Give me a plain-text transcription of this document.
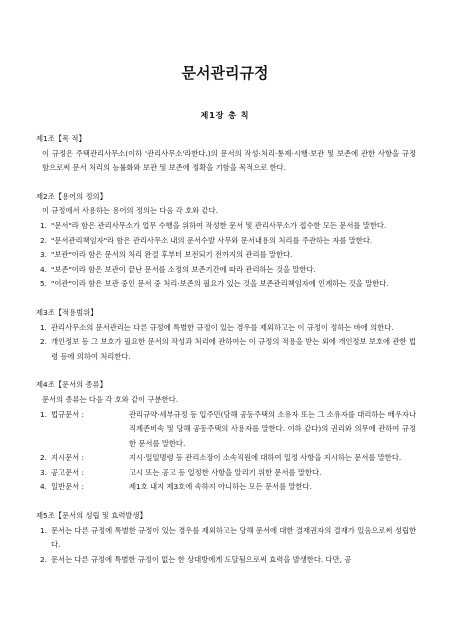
문서관리규정
제1장 총 칙
제1조【목 적】
이 규정은 주택관리사무소(이하 '관리사무소'라한다.)의 문서의 작성·처리·통제·시행·보관 및 보존에 관한 사항을 규정함으로써 문서 처리의 능률화와 보관 및 보존에 정확을 기함을 목적으로 한다.
제2조【용어의 정의】
이 규정에서 사용하는 용어의 정의는 다음 각 호와 같다.
1. "문서"라 함은 관리사무소가 업무 수행을 위하여 작성한 문서 및 관리사무소가 접수한 모든 문서를 말한다.
2. "문서관리책임자"라 함은 관리사무소 내의 문서수발 사무와 문서내용의 처리를 주관하는 자를 말한다.
3. "보관"이라 함은 문서의 처리 완결 후부터 보전되기 전까지의 관리를 말한다.
4. "보존"이라 함은 보관이 끝난 문서를 소정의 보존기간에 따라 관리하는 것을 말한다.
5. "이관"이라 함은 보관 중인 문서 중 처리·보존의 필요가 있는 것을 보존관리책임자에 인계하는 것을 말한다.
제3조【적용범위】
1. 관리사무소의 문서관리는 다른 규정에 특별한 규정이 있는 경우를 제외하고는 이 규정이 정하는 바에 의한다.
2. 개인정보 등 그 보호가 필요한 문서의 작성과 처리에 관하여는 이 규정의 적용을 받는 외에 개인정보 보호에 관한 법령 등에 의하여 처리한다.
제4조【문서의 종류】
문서의 종류는 다음 각 호와 같이 구분한다.
1. 법규문서 :	관리규약·세부규정 등 입주민(당해 공동주택의 소유자 또는 그 소유자를 대리하는 배우자나 직계존비속 및 당해 공동주택의 사용자를 말한다. 이하 같다)의 권리와 의무에 관하여 규정한 문서를 말한다.
2. 지시문서 :	지시·일일명령 등 관리소장이 소속직원에 대하여 일정 사항을 지시하는 문서를 말한다.
3. 공고문서 :	고시 또는 공고 등 일정한 사항을 알리기 위한 문서를 말한다.
4. 일반문서 :	제1호 내지 제3호에 속하지 아니하는 모든 문서를 말한다.
제5조【문서의 성립 및 효력발생】
1. 문서는 다른 규정에 특별한 규정이 있는 경우를 제외하고는 당해 문서에 대한 결재권자의 결재가 있음으로써 성립한다.
2. 문서는 다른 규정에 특별한 규정이 없는 한 상대방에게 도달됨으로써 효력을 발생한다. 다만, 공
